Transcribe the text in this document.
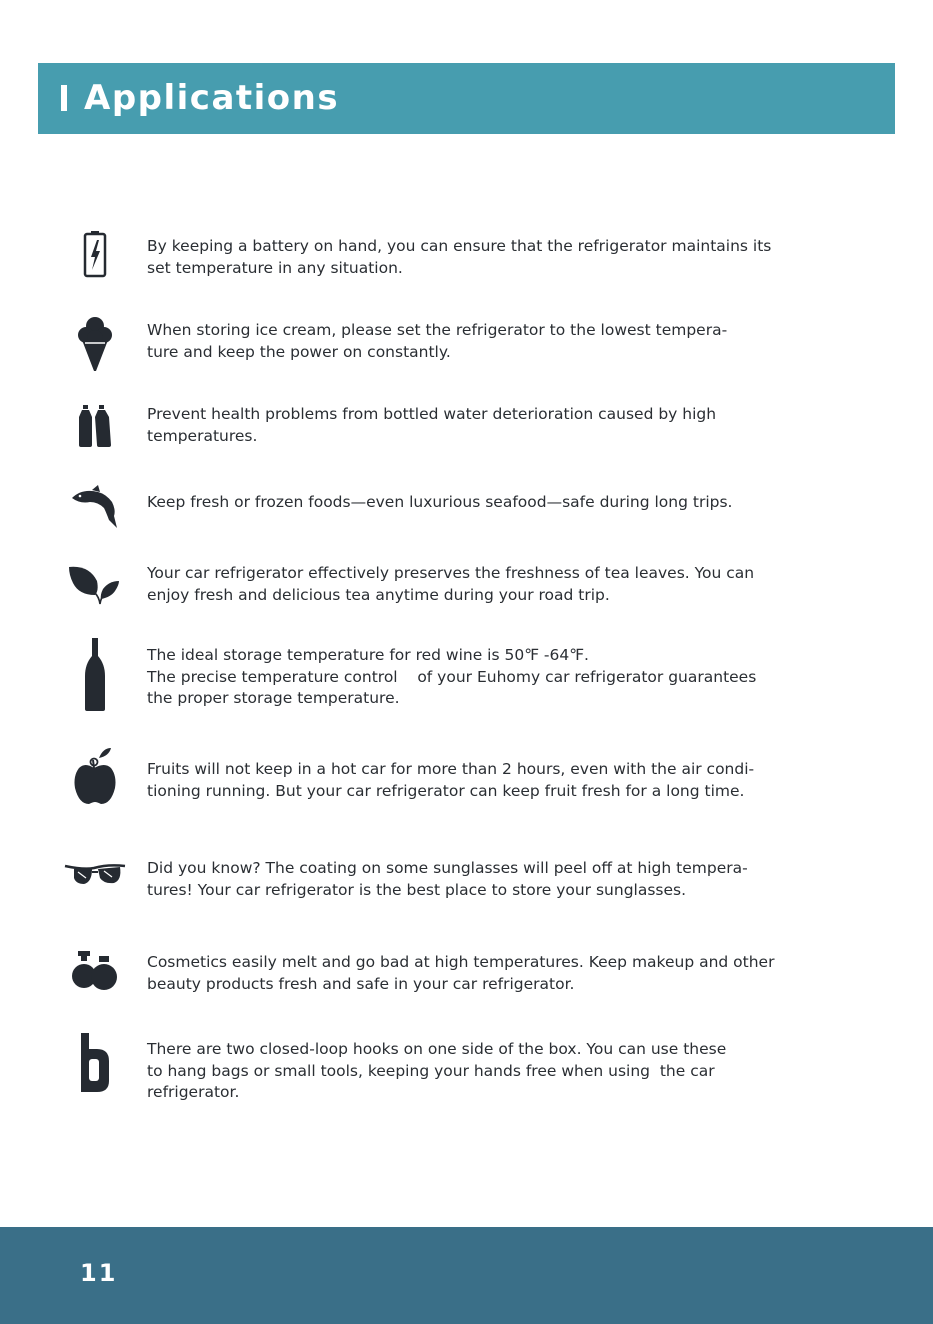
Applications
By keeping a battery on hand, you can ensure that the refrigerator maintains its
set temperature in any situation.
When storing ice cream, please set the refrigerator to the lowest tempera-
ture and keep the power on constantly.
Prevent health problems from bottled water deterioration caused by high
temperatures.
Keep fresh or frozen foods—even luxurious seafood—safe during long trips.
Your car refrigerator effectively preserves the freshness of tea leaves. You can
enjoy fresh and delicious tea anytime during your road trip.
The ideal storage temperature for red wine is 50℉ -64℉.
The precise temperature control    of your Euhomy car refrigerator guarantees
the proper storage temperature.
Fruits will not keep in a hot car for more than 2 hours, even with the air condi-
tioning running. But your car refrigerator can keep fruit fresh for a long time.
Did you know? The coating on some sunglasses will peel off at high tempera-
tures! Your car refrigerator is the best place to store your sunglasses.
Cosmetics easily melt and go bad at high temperatures. Keep makeup and other
beauty products fresh and safe in your car refrigerator.
There are two closed-loop hooks on one side of the box. You can use these
to hang bags or small tools, keeping your hands free when using  the car
refrigerator.
11
